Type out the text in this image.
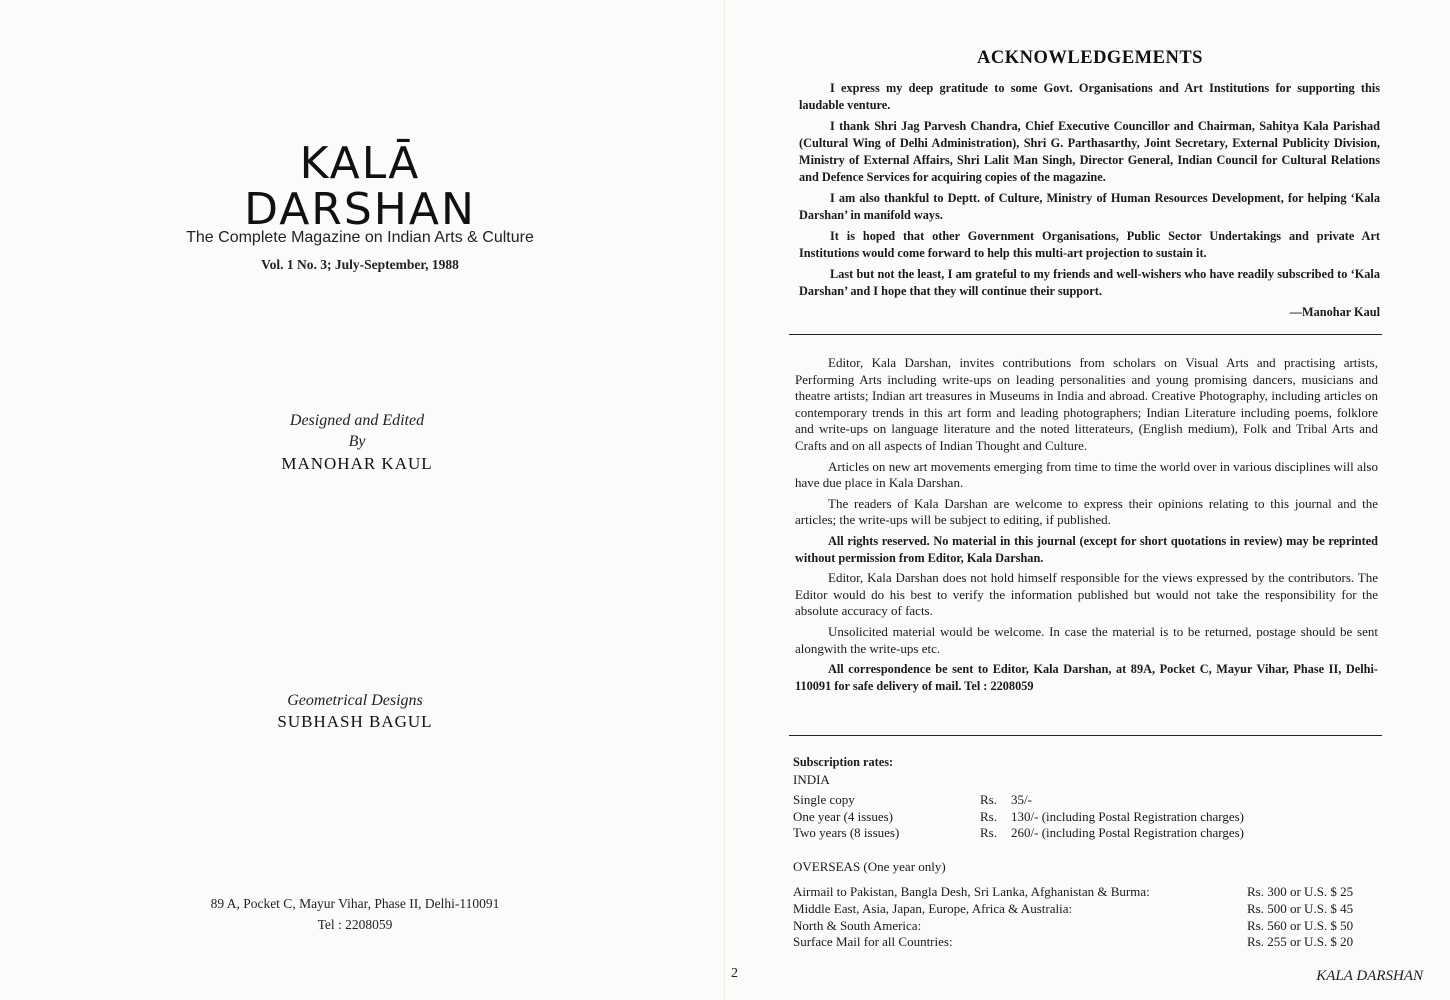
KALĀ
DARSHAN
The Complete Magazine on Indian Arts & Culture
Vol. 1 No. 3; July-September, 1988
Designed and Edited
By
MANOHAR KAUL
Geometrical Designs
SUBHASH BAGUL
89 A, Pocket C, Mayur Vihar, Phase II, Delhi-110091
Tel : 2208059
ACKNOWLEDGEMENTS

I express my deep gratitude to some Govt. Organisations and Art Institutions for supporting this laudable venture.

I thank Shri Jag Parvesh Chandra, Chief Executive Councillor and Chairman, Sahitya Kala Parishad (Cultural Wing of Delhi Administration), Shri G. Parthasarthy, Joint Secretary, External Publicity Division, Ministry of External Affairs, Shri Lalit Man Singh, Director General, Indian Council for Cultural Relations and Defence Services for acquiring copies of the magazine.

I am also thankful to Deptt. of Culture, Ministry of Human Resources Development, for helping ‘Kala Darshan’ in manifold ways.

It is hoped that other Government Organisations, Public Sector Undertakings and private Art Institutions would come forward to help this multi-art projection to sustain it.

Last but not the least, I am grateful to my friends and well-wishers who have readily subscribed to ‘Kala Darshan’ and I hope that they will continue their support.

—Manohar Kaul

Editor, Kala Darshan, invites contributions from scholars on Visual Arts and practising artists, Performing Arts including write-ups on leading personalities and young promising dancers, musicians and theatre artists; Indian art treasures in Museums in India and abroad. Creative Photography, including articles on contemporary trends in this art form and leading photographers; Indian Literature including poems, folklore and write-ups on language literature and the noted litterateurs, (English medium), Folk and Tribal Arts and Crafts and on all aspects of Indian Thought and Culture.

Articles on new art movements emerging from time to time the world over in various disciplines will also have due place in Kala Darshan.

The readers of Kala Darshan are welcome to express their opinions relating to this journal and the articles; the write-ups will be subject to editing, if published.

All rights reserved. No material in this journal (except for short quotations in review) may be reprinted without permission from Editor, Kala Darshan.

Editor, Kala Darshan does not hold himself responsible for the views expressed by the contributors. The Editor would do his best to verify the information published but would not take the responsibility for the absolute accuracy of facts.

Unsolicited material would be welcome. In case the material is to be returned, postage should be sent alongwith the write-ups etc.

All correspondence be sent to Editor, Kala Darshan, at 89A, Pocket C, Mayur Vihar, Phase II, Delhi-110091 for safe delivery of mail. Tel : 2208059

Subscription rates:
INDIA
Single copy	Rs. 35/-
One year (4 issues)	Rs. 130/- (including Postal Registration charges)
Two years (8 issues)	Rs. 260/- (including Postal Registration charges)
OVERSEAS (One year only)
Airmail to Pakistan, Bangla Desh, Sri Lanka, Afghanistan & Burma:	Rs. 300 or U.S. $ 25
Middle East, Asia, Japan, Europe, Africa & Australia:	Rs. 500 or U.S. $ 45
North & South America:	Rs. 560 or U.S. $ 50
Surface Mail for all Countries:	Rs. 255 or U.S. $ 20
2	KALA DARSHAN
